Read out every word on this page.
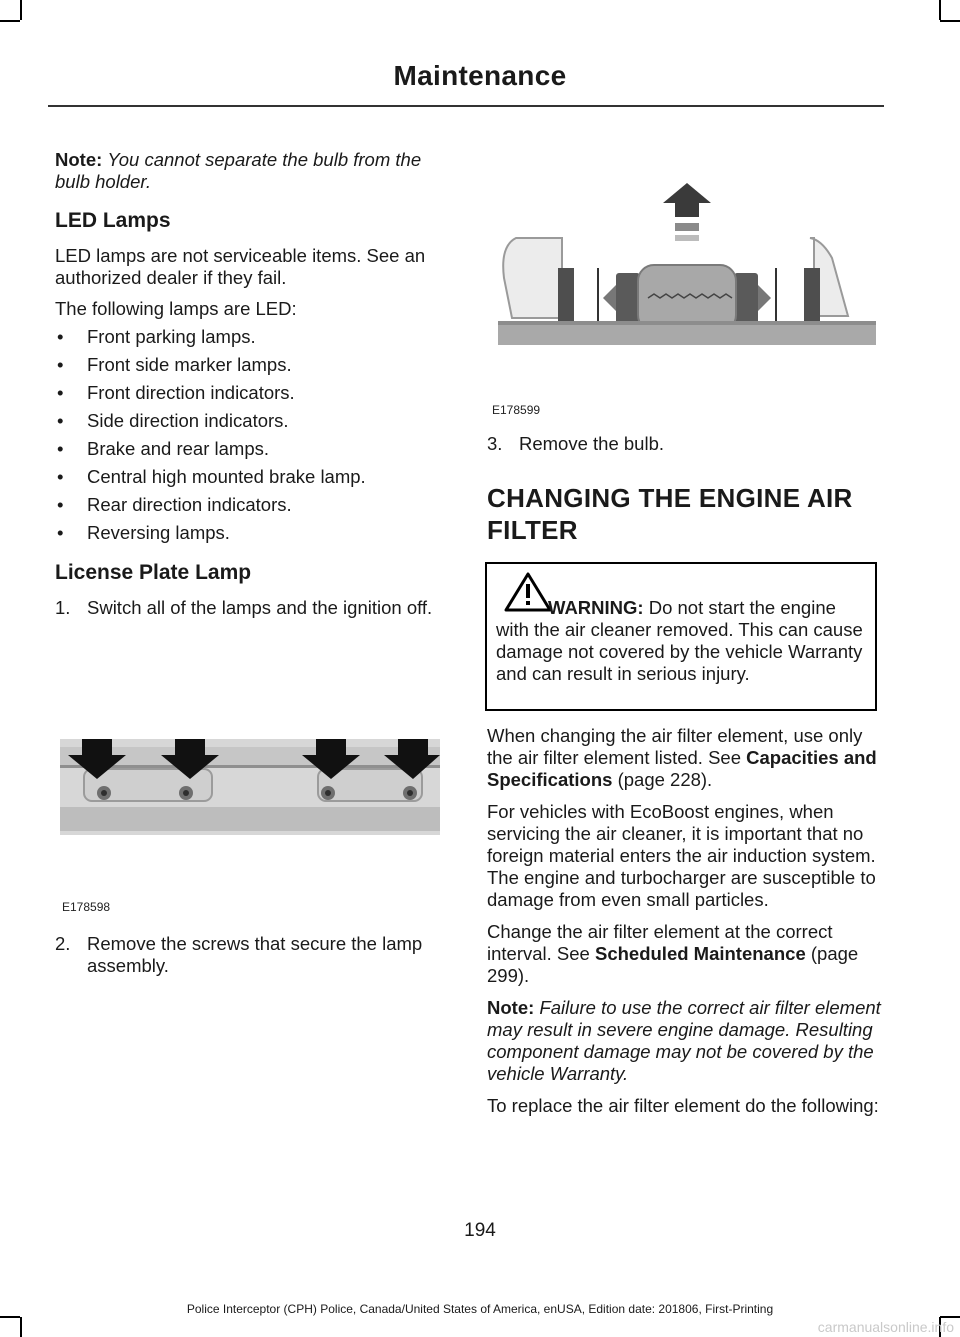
Maintenance

Note: You cannot separate the bulb from the bulb holder.

LED Lamps

LED lamps are not serviceable items. See an authorized dealer if they fail.

The following lamps are LED:

• Front parking lamps.
• Front side marker lamps.
• Front direction indicators.
• Side direction indicators.
• Brake and rear lamps.
• Central high mounted brake lamp.
• Rear direction indicators.
• Reversing lamps.
License Plate Lamp
1. Switch all of the lamps and the ignition off.
E178598
2. Remove the screws that secure the lamp assembly.
E178599
3. Remove the bulb.
CHANGING THE ENGINE AIR
FILTER

WARNING: Do not start the engine with the air cleaner removed. This can cause damage not covered by the vehicle Warranty and can result in serious injury.

When changing the air filter element, use only the air filter element listed. See Capacities and Specifications (page 228).

For vehicles with EcoBoost engines, when servicing the air cleaner, it is important that no foreign material enters the air induction system. The engine and turbocharger are susceptible to damage from even small particles.

Change the air filter element at the correct interval. See Scheduled Maintenance (page 299).

Note: Failure to use the correct air filter element may result in severe engine damage. Resulting component damage may not be covered by the vehicle Warranty.

To replace the air filter element do the following:

194
Police Interceptor (CPH) Police, Canada/United States of America, enUSA, Edition date: 201806, First-Printing
carmanualsonline.info
